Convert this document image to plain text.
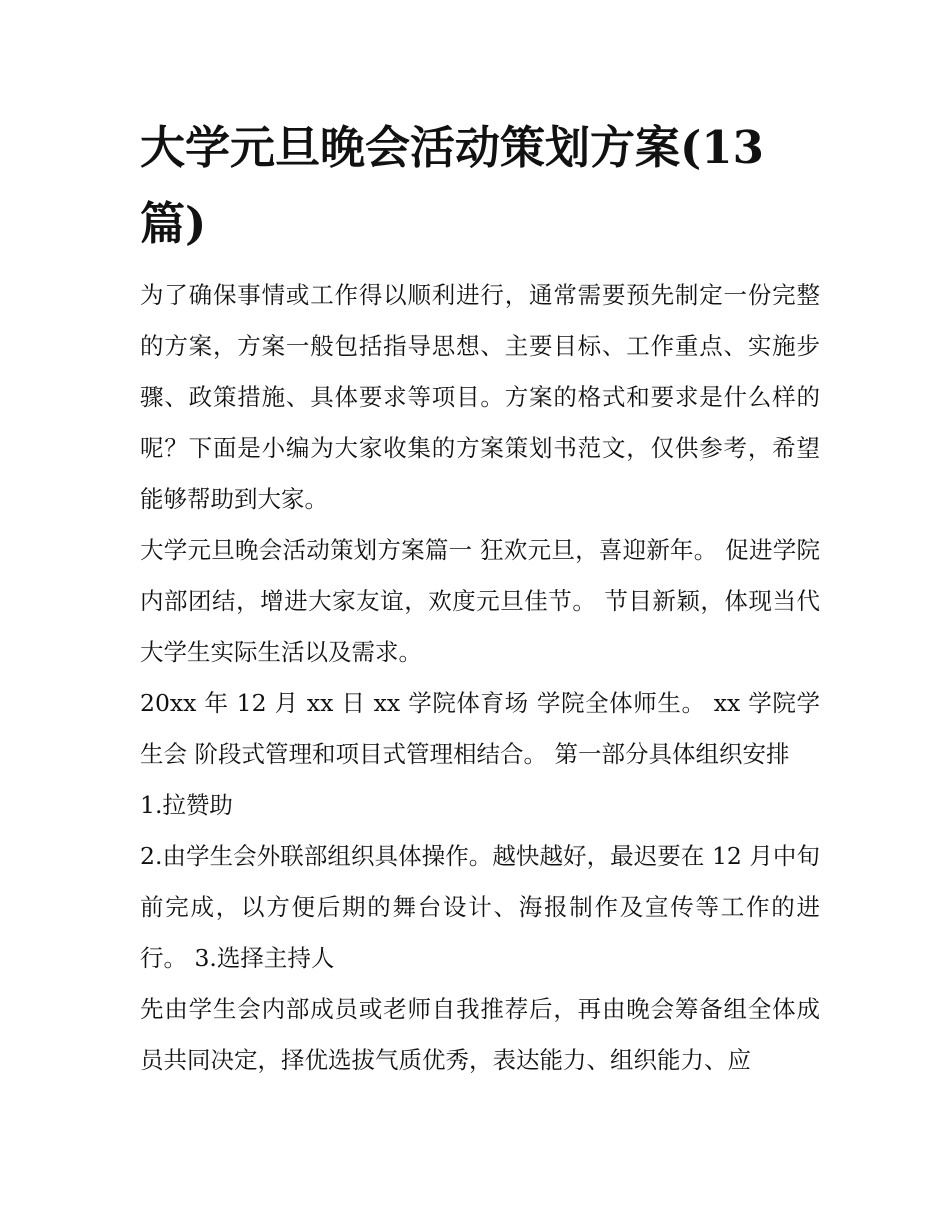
大学元旦晚会活动策划方案(13篇)

为了确保事情或工作得以顺利进行，通常需要预先制定一份完整的方案，方案一般包括指导思想、主要目标、工作重点、实施步骤、政策措施、具体要求等项目。方案的格式和要求是什么样的呢？下面是小编为大家收集的方案策划书范文，仅供参考，希望能够帮助到大家。

大学元旦晚会活动策划方案篇一 狂欢元旦，喜迎新年。 促进学院内部团结，增进大家友谊，欢度元旦佳节。 节目新颖，体现当代大学生实际生活以及需求。

20xx 年 12 月 xx 日 xx 学院体育场 学院全体师生。 xx 学院学生会 阶段式管理和项目式管理相结合。 第一部分具体组织安排

1.拉赞助

2.由学生会外联部组织具体操作。越快越好，最迟要在 12 月中旬前完成，以方便后期的舞台设计、海报制作及宣传等工作的进行。 3.选择主持人

先由学生会内部成员或老师自我推荐后，再由晚会筹备组全体成员共同决定，择优选拔气质优秀，表达能力、组织能力、应
